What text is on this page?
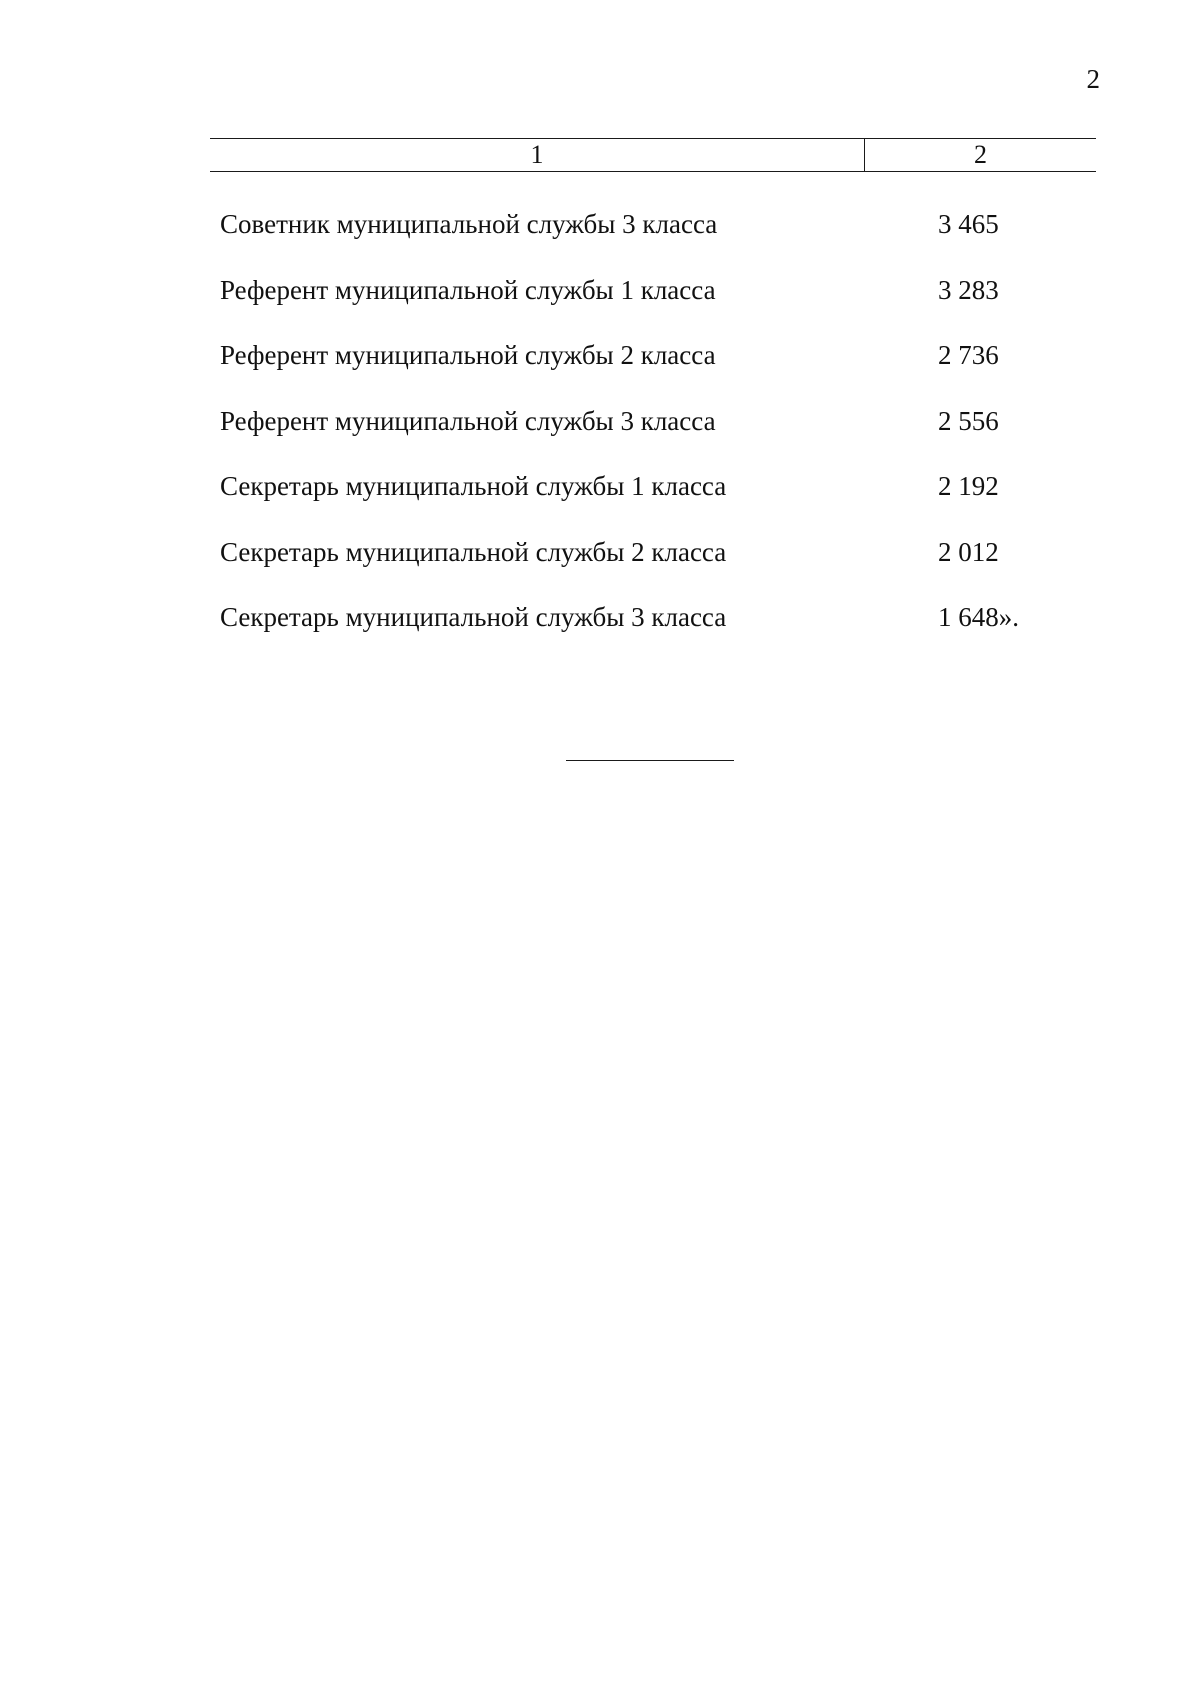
2
1	2
Советник муниципальной службы 3 класса	3 465
Референт муниципальной службы 1 класса	3 283
Референт муниципальной службы 2 класса	2 736
Референт муниципальной службы 3 класса	2 556
Секретарь муниципальной службы 1 класса	2 192
Секретарь муниципальной службы 2 класса	2 012
Секретарь муниципальной службы 3 класса	1 648».
